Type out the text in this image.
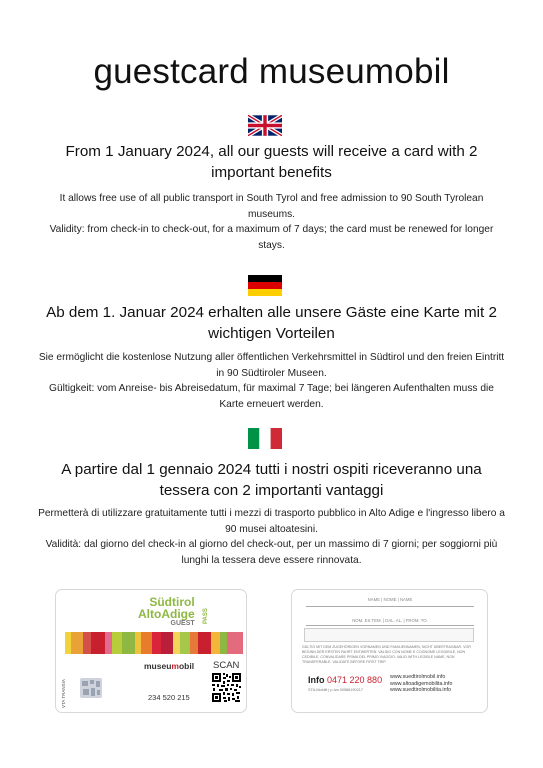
guestcard museumobil
From 1 January 2024, all our guests will receive a card with 2 important benefits

It allows free use of all public transport in South Tyrol and free admission to 90 South Tyrolean museums.

Validity: from check-in to check-out, for a maximum of 7 days; the card must be renewed for longer stays.

Ab dem 1. Januar 2024 erhalten alle unsere Gäste eine Karte mit 2 wichtigen Vorteilen

Sie ermöglicht die kostenlose Nutzung aller öffentlichen Verkehrsmittel in Südtirol und den freien Eintritt in 90 Südtiroler Museen.

Gültigkeit: vom Anreise- bis Abreisedatum, für maximal 7 Tage; bei längeren Aufenthalten muss die Karte erneuert werden.

A partire dal 1 gennaio 2024 tutti i nostri ospiti riceveranno una tessera con 2 importanti vantaggi

Permetterà di utilizzare gratuitamente tutti i mezzi di trasporto pubblico in Alto Adige e l'ingresso libero a 90 musei altoatesini.

Validità: dal giorno del check-in al giorno del check-out, per un massimo di 7 giorni; per soggiorni più lunghi la tessera deve essere rinnovata.

Südtirol
AltoAdige
GUEST PASS
VTA TRANSIA
museumobil SCAN
234 520 215
NAME | NOME | NAME
NOM. ES.TEM. | DAL. AL. | FROM. TO.
GÜLTIG MIT DEM ZUGEHÖRIGEN VORNAMEN UND FAMILIENNAMEN, NICHT ÜBERTRAGBAR. VOR BEGINN DER ERSTEN FAHRT ENTWERTEN. VALIDO CON NOME E COGNOME LEGGIBILE, NON CEDIBILE. CONVALIDARE PRIMA DEL PRIMO VIAGGIO. VALID WITH LEGIBLE NAME, NON TRANSFERABLE. VALIDATE BEFORE FIRST TRIP.
Info 0471 220 880
STA-Mobilit | p.Iva 00586190217
www.suedtirolmobil.info
www.altoadigemobilita.info
www.suedtirolmobilita.info
